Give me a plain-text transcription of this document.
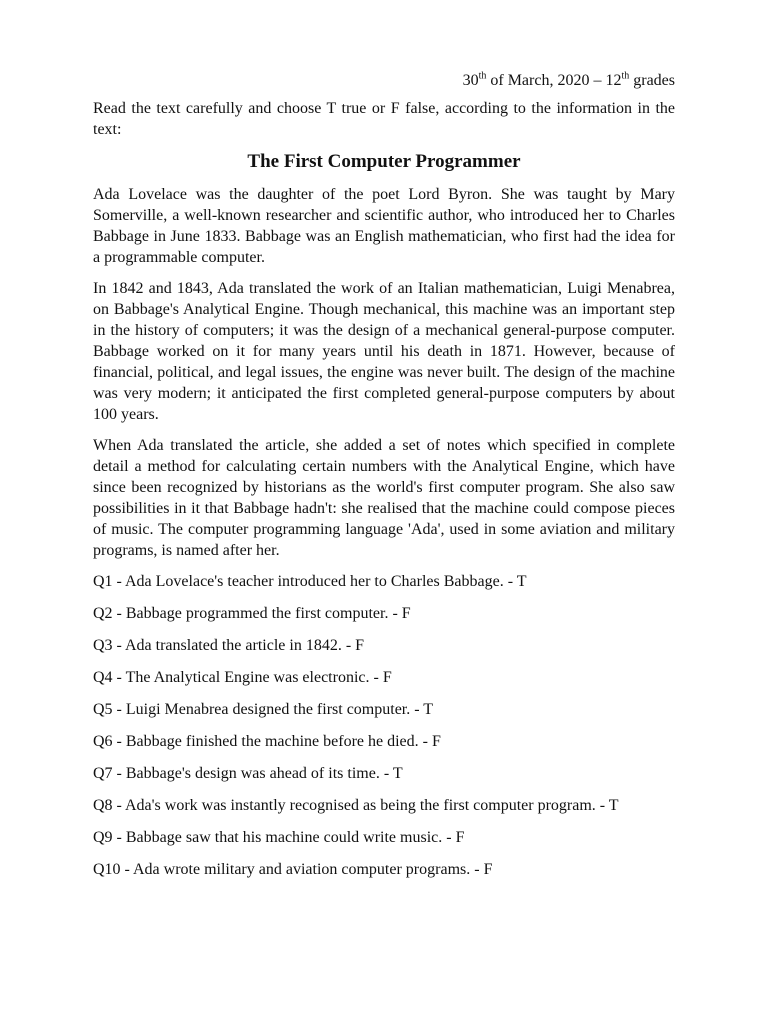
30th of March, 2020 – 12th grades

Read the text carefully and choose T true or F false, according to the information in the text:

The First Computer Programmer

Ada Lovelace was the daughter of the poet Lord Byron. She was taught by Mary Somerville, a well-known researcher and scientific author, who introduced her to Charles Babbage in June 1833. Babbage was an English mathematician, who first had the idea for a programmable computer.

In 1842 and 1843, Ada translated the work of an Italian mathematician, Luigi Menabrea, on Babbage's Analytical Engine. Though mechanical, this machine was an important step in the history of computers; it was the design of a mechanical general-purpose computer. Babbage worked on it for many years until his death in 1871. However, because of financial, political, and legal issues, the engine was never built. The design of the machine was very modern; it anticipated the first completed general-purpose computers by about 100 years.

When Ada translated the article, she added a set of notes which specified in complete detail a method for calculating certain numbers with the Analytical Engine, which have since been recognized by historians as the world's first computer program. She also saw possibilities in it that Babbage hadn't: she realised that the machine could compose pieces of music. The computer programming language 'Ada', used in some aviation and military programs, is named after her.

Q1 - Ada Lovelace's teacher introduced her to Charles Babbage. - T
Q2 - Babbage programmed the first computer. - F
Q3 - Ada translated the article in 1842. - F
Q4 - The Analytical Engine was electronic. - F
Q5 - Luigi Menabrea designed the first computer. - T
Q6 - Babbage finished the machine before he died. - F
Q7 - Babbage's design was ahead of its time. - T
Q8 - Ada's work was instantly recognised as being the first computer program. - T
Q9 - Babbage saw that his machine could write music. - F
Q10 - Ada wrote military and aviation computer programs. - F
